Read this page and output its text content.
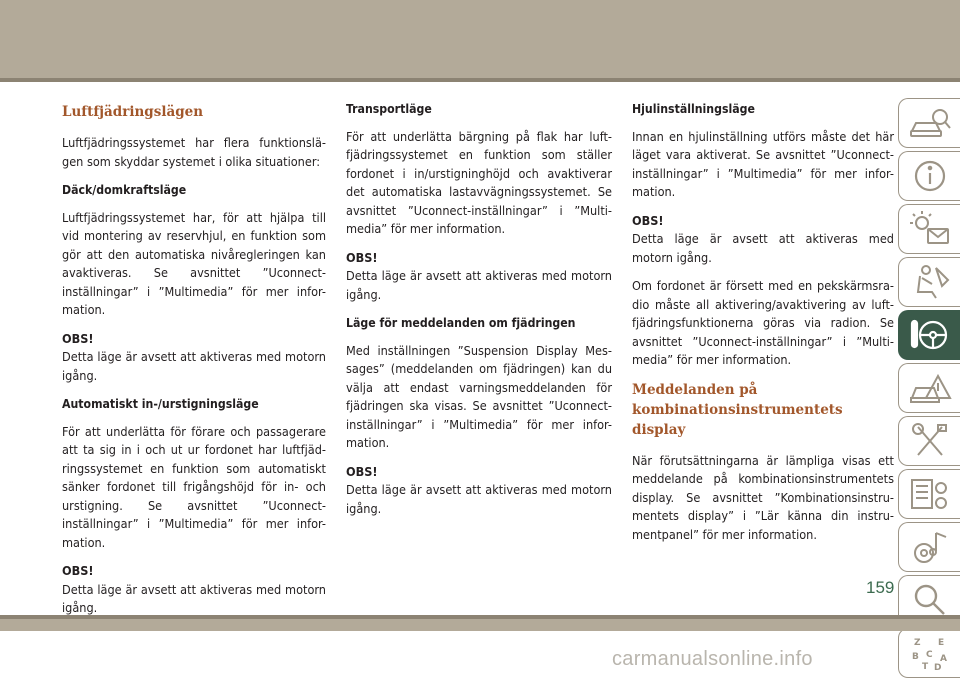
Luftfjädringslägen

Luftfjädringssystemet har flera funktionslä- gen som skyddar systemet i olika situationer:

Däck/domkraftsläge

Luftfjädringssystemet har, för att hjälpa till vid montering av reservhjul, en funktion som gör att den automatiska nivåregleringen kan avaktiveras. Se avsnittet ”Uconnect- inställningar” i ”Multimedia” för mer infor- mation.

OBS!
Detta läge är avsett att aktiveras med motorn igång.

Automatiskt in-/urstigningsläge

För att underlätta för förare och passagerare att ta sig in i och ut ur fordonet har luftfjäd- ringssystemet en funktion som automatiskt sänker fordonet till frigångshöjd för in- och urstigning. Se avsnittet ”Uconnect- inställningar” i ”Multimedia” för mer infor- mation.

OBS!
Detta läge är avsett att aktiveras med motorn igång.

Transportläge

För att underlätta bärgning på flak har luft- fjädringssystemet en funktion som ställer fordonet i in/urstigninghöjd och avaktiverar det automatiska lastavvägningssystemet. Se avsnittet ”Uconnect-inställningar” i ”Multi- media” för mer information.

OBS!
Detta läge är avsett att aktiveras med motorn igång.

Läge för meddelanden om fjädringen

Med inställningen ”Suspension Display Mes- sages” (meddelanden om fjädringen) kan du välja att endast varningsmeddelanden för fjädringen ska visas. Se avsnittet ”Uconnect- inställningar” i ”Multimedia” för mer infor- mation.

OBS!
Detta läge är avsett att aktiveras med motorn igång.

Hjulinställningsläge

Innan en hjulinställning utförs måste det här läget vara aktiverat. Se avsnittet ”Uconnect- inställningar” i ”Multimedia” för mer infor- mation.

OBS!
Detta läge är avsett att aktiveras med motorn igång.

Om fordonet är försett med en pekskärmsra- dio måste all aktivering/avaktivering av luft- fjädringsfunktionerna göras via radion. Se avsnittet ”Uconnect-inställningar” i ”Multi- media” för mer information.

Meddelanden på kombinationsinstrumentets display

När förutsättningarna är lämpliga visas ett meddelande på kombinationsinstrumentets display. Se avsnittet ”Kombinationsinstru- mentets display” i ”Lär känna din instru- mentpanel” för mer information.

Z E
B C A
T D
159
carmanualsonline.info
